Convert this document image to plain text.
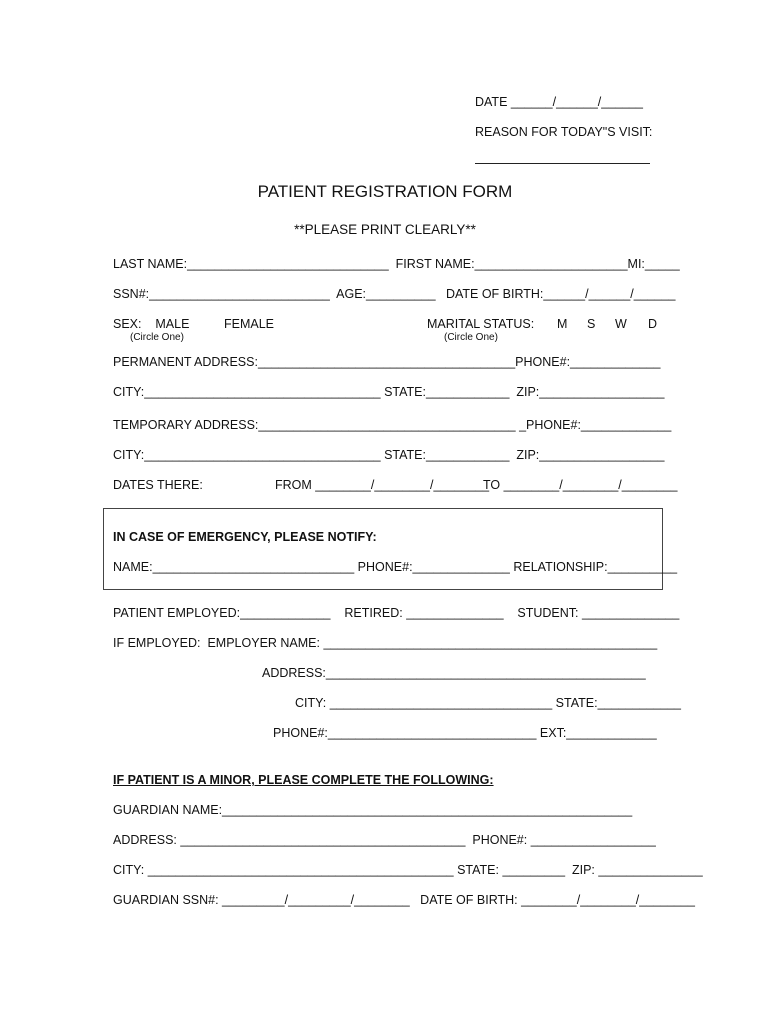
DATE ______/______/______
REASON FOR TODAY"S VISIT:
PATIENT REGISTRATION FORM
**PLEASE PRINT CLEARLY**
LAST NAME:_____________________________  FIRST NAME:______________________MI:_____
SSN#:__________________________  AGE:__________   DATE OF BIRTH:______/______/______
SEX:    MALE	FEMALE
(Circle One)
MARITAL STATUS: M S W D
(Circle One)
PERMANENT ADDRESS:_____________________________________PHONE#:_____________
CITY:__________________________________ STATE:____________  ZIP:__________________
TEMPORARY ADDRESS:_____________________________________ _PHONE#:_____________
CITY:__________________________________ STATE:____________  ZIP:__________________
DATES THERE:	FROM ________/________/________
TO ________/________/________
IN CASE OF EMERGENCY, PLEASE NOTIFY:
NAME:_____________________________ PHONE#:______________ RELATIONSHIP:__________
PATIENT EMPLOYED:_____________    RETIRED: ______________    STUDENT: ______________
IF EMPLOYED:  EMPLOYER NAME: ________________________________________________
ADDRESS:______________________________________________
CITY: ________________________________ STATE:____________
PHONE#:______________________________ EXT:_____________
IF PATIENT IS A MINOR, PLEASE COMPLETE THE FOLLOWING:
GUARDIAN NAME:___________________________________________________________
ADDRESS: _________________________________________  PHONE#: __________________
CITY: ____________________________________________ STATE: _________  ZIP: _______________
GUARDIAN SSN#: _________/_________/________   DATE OF BIRTH: ________/________/________
